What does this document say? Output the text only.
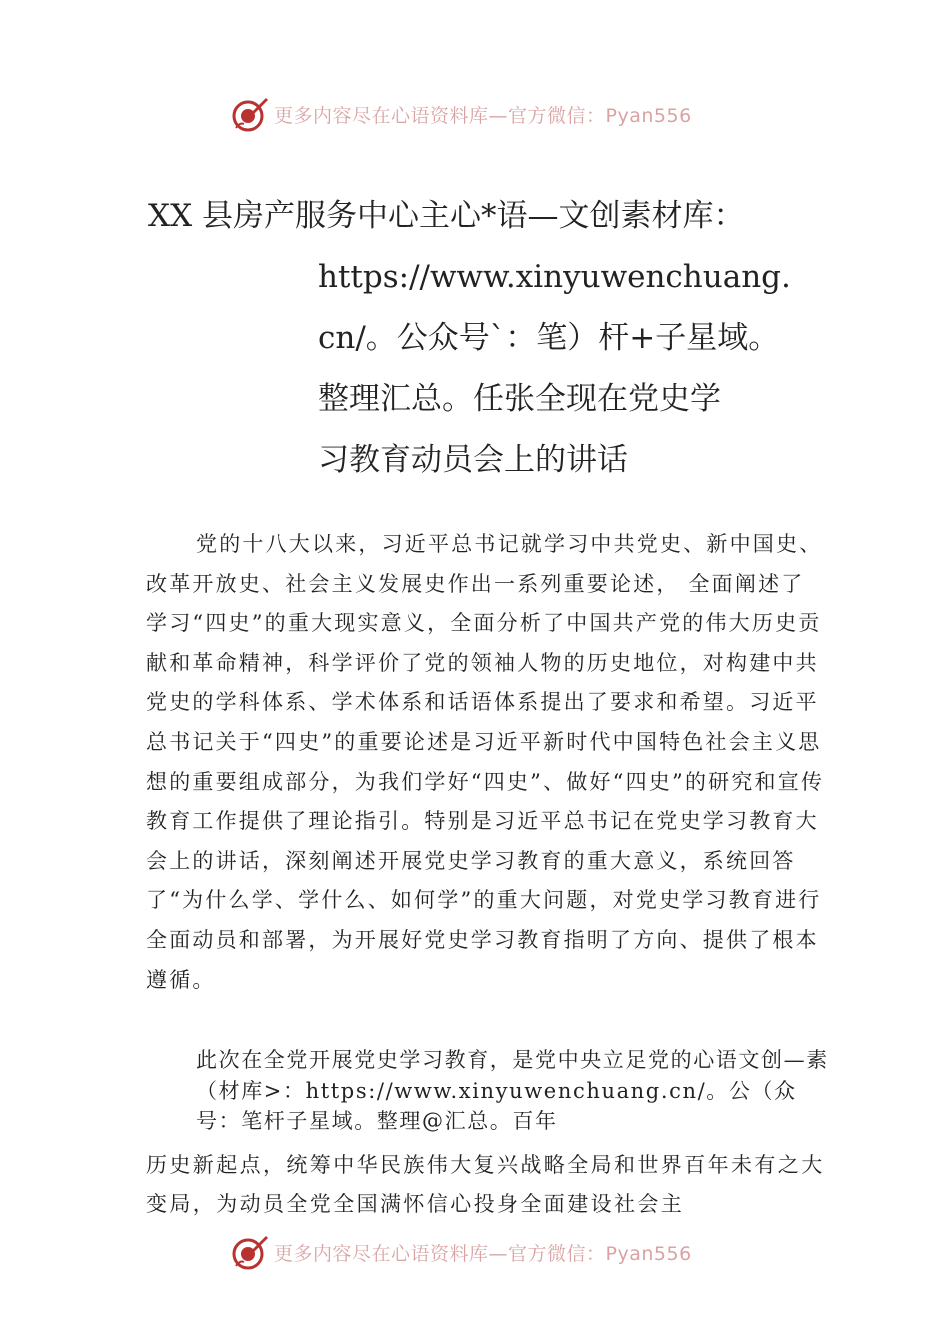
更多内容尽在心语资料库—官方微信：Pyan556
XX 县房产服务中心主心*语—文创素材库：
https://www.xinyuwenchuang.
cn/。公众号`：笔）杆+子星域。
整理汇总。任张全现在党史学
习教育动员会上的讲话
党的十八大以来，习近平总书记就学习中共党史、新中国史、改革开放史、社会主义发展史作出一系列重要论述， 全面阐述了学习“四史”的重大现实意义，全面分析了中国共产党的伟大历史贡献和革命精神，科学评价了党的领袖人物的历史地位，对构建中共党史的学科体系、学术体系和话语体系提出了要求和希望。习近平总书记关于“四史”的重要论述是习近平新时代中国特色社会主义思想的重要组成部分，为我们学好“四史”、做好“四史”的研究和宣传教育工作提供了理论指引。特别是习近平总书记在党史学习教育大会上的讲话，深刻阐述开展党史学习教育的重大意义，系统回答了“为什么学、学什么、如何学”的重大问题，对党史学习教育进行全面动员和部署，为开展好党史学习教育指明了方向、提供了根本遵循。
此次在全党开展党史学习教育，是党中央立足党的心语文创—素（材库>：https://www.xinyuwenchuang.cn/。公（众号：笔杆子星域。整理@汇总。百年
历史新起点，统筹中华民族伟大复兴战略全局和世界百年未有之大变局，为动员全党全国满怀信心投身全面建设社会主
更多内容尽在心语资料库—官方微信：Pyan556
